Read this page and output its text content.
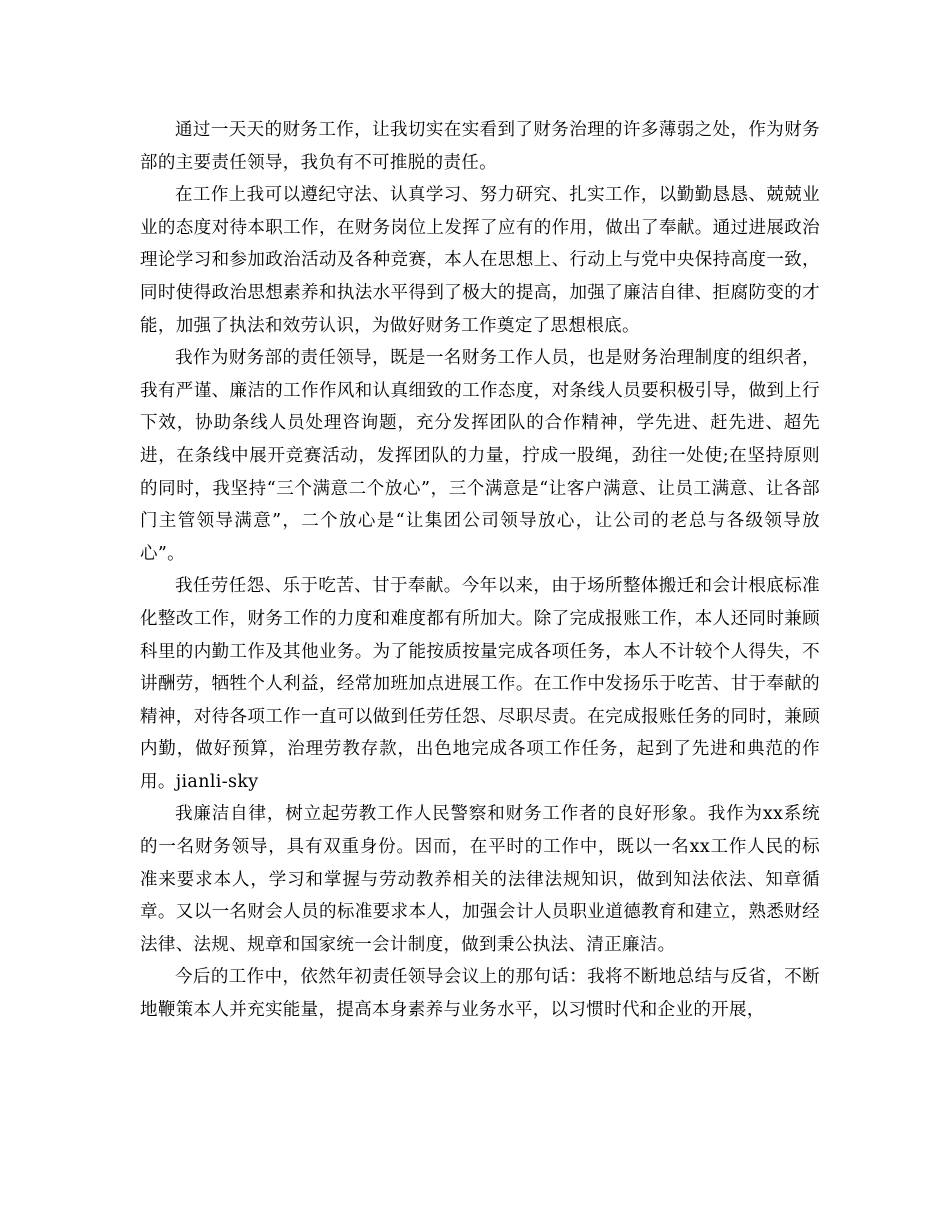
通过一天天的财务工作，让我切实在实看到了财务治理的许多薄弱之处，作为财务部的主要责任领导，我负有不可推脱的责任。

在工作上我可以遵纪守法、认真学习、努力研究、扎实工作，以勤勤恳恳、兢兢业业的态度对待本职工作，在财务岗位上发挥了应有的作用，做出了奉献。通过进展政治理论学习和参加政治活动及各种竞赛，本人在思想上、行动上与党中央保持高度一致，同时使得政治思想素养和执法水平得到了极大的提高，加强了廉洁自律、拒腐防变的才能，加强了执法和效劳认识，为做好财务工作奠定了思想根底。

我作为财务部的责任领导，既是一名财务工作人员，也是财务治理制度的组织者，我有严谨、廉洁的工作作风和认真细致的工作态度，对条线人员要积极引导，做到上行下效，协助条线人员处理咨询题，充分发挥团队的合作精神，学先进、赶先进、超先进，在条线中展开竞赛活动，发挥团队的力量，拧成一股绳，劲往一处使;在坚持原则的同时，我坚持“三个满意二个放心”，三个满意是“让客户满意、让员工满意、让各部门主管领导满意”，二个放心是“让集团公司领导放心，让公司的老总与各级领导放心”。

我任劳任怨、乐于吃苦、甘于奉献。今年以来，由于场所整体搬迁和会计根底标准化整改工作，财务工作的力度和难度都有所加大。除了完成报账工作，本人还同时兼顾科里的内勤工作及其他业务。为了能按质按量完成各项任务，本人不计较个人得失，不讲酬劳，牺牲个人利益，经常加班加点进展工作。在工作中发扬乐于吃苦、甘于奉献的精神，对待各项工作一直可以做到任劳任怨、尽职尽责。在完成报账任务的同时，兼顾内勤，做好预算，治理劳教存款，出色地完成各项工作任务，起到了先进和典范的作用。jianli-sky

我廉洁自律，树立起劳教工作人民警察和财务工作者的良好形象。我作为xx系统的一名财务领导，具有双重身份。因而，在平时的工作中，既以一名xx工作人民的标准来要求本人，学习和掌握与劳动教养相关的法律法规知识，做到知法依法、知章循章。又以一名财会人员的标准要求本人，加强会计人员职业道德教育和建立，熟悉财经法律、法规、规章和国家统一会计制度，做到秉公执法、清正廉洁。

今后的工作中，依然年初责任领导会议上的那句话：我将不断地总结与反省，不断地鞭策本人并充实能量，提高本身素养与业务水平，以习惯时代和企业的开展，
